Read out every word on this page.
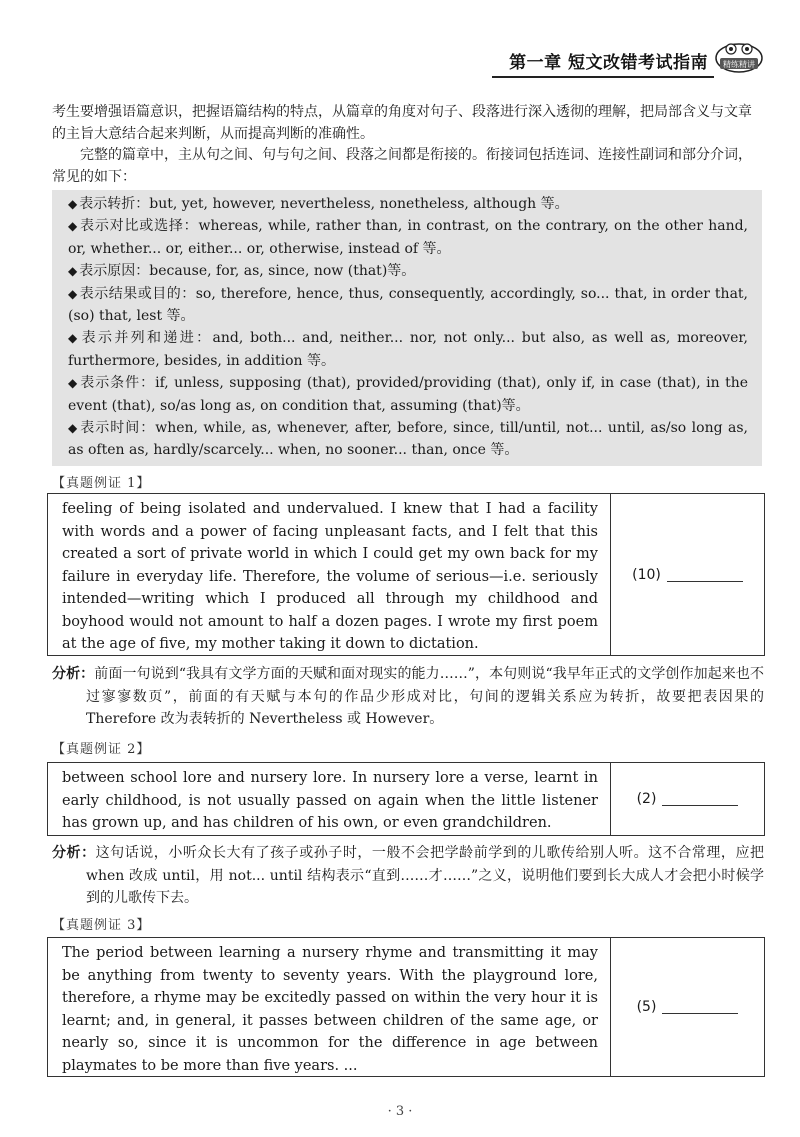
第一章 短文改错考试指南 精练精讲
考生要增强语篇意识，把握语篇结构的特点，从篇章的角度对句子、段落进行深入透彻的理解，把局部含义与文章的主旨大意结合起来判断，从而提高判断的准确性。
完整的篇章中，主从句之间、句与句之间、段落之间都是衔接的。衔接词包括连词、连接性副词和部分介词，常见的如下：
◆ 表示转折：but, yet, however, nevertheless, nonetheless, although 等。
◆ 表示对比或选择：whereas, while, rather than, in contrast, on the contrary, on the other hand, or, whether... or, either... or, otherwise, instead of 等。
◆ 表示原因：because, for, as, since, now (that)等。
◆ 表示结果或目的：so, therefore, hence, thus, consequently, accordingly, so... that, in order that, (so) that, lest 等。
◆ 表示并列和递进：and, both... and, neither... nor, not only... but also, as well as, moreover, furthermore, besides, in addition 等。
◆ 表示条件：if, unless, supposing (that), provided/providing (that), only if, in case (that), in the event (that), so/as long as, on condition that, assuming (that)等。
◆ 表示时间：when, while, as, whenever, after, before, since, till/until, not... until, as/so long as, as often as, hardly/scarcely... when, no sooner... than, once 等。
【真题例证 1】
feeling of being isolated and undervalued. I knew that I had a facility with words and a power of facing unpleasant facts, and I felt that this created a sort of private world in which I could get my own back for my failure in everyday life. Therefore, the volume of serious—i.e. seriously intended—writing which I produced all through my childhood and boyhood would not amount to half a dozen pages. I wrote my first poem at the age of five, my mother taking it down to dictation.
(10)
分析：前面一句说到“我具有文学方面的天赋和面对现实的能力……”，本句则说“我早年正式的文学创作加起来也不过寥寥数页”，前面的有天赋与本句的作品少形成对比，句间的逻辑关系应为转折，故要把表因果的 Therefore 改为表转折的 Nevertheless 或 However。
【真题例证 2】
between school lore and nursery lore. In nursery lore a verse, learnt in early childhood, is not usually passed on again when the little listener has grown up, and has children of his own, or even grandchildren.
(2)
分析：这句话说，小听众长大有了孩子或孙子时，一般不会把学龄前学到的儿歌传给别人听。这不合常理，应把 when 改成 until，用 not... until 结构表示“直到……才……”之义，说明他们要到长大成人才会把小时候学到的儿歌传下去。
【真题例证 3】
The period between learning a nursery rhyme and transmitting it may be anything from twenty to seventy years. With the playground lore, therefore, a rhyme may be excitedly passed on within the very hour it is learnt; and, in general, it passes between children of the same age, or nearly so, since it is uncommon for the difference in age between playmates to be more than five years. ...
(5)
· 3 ·
